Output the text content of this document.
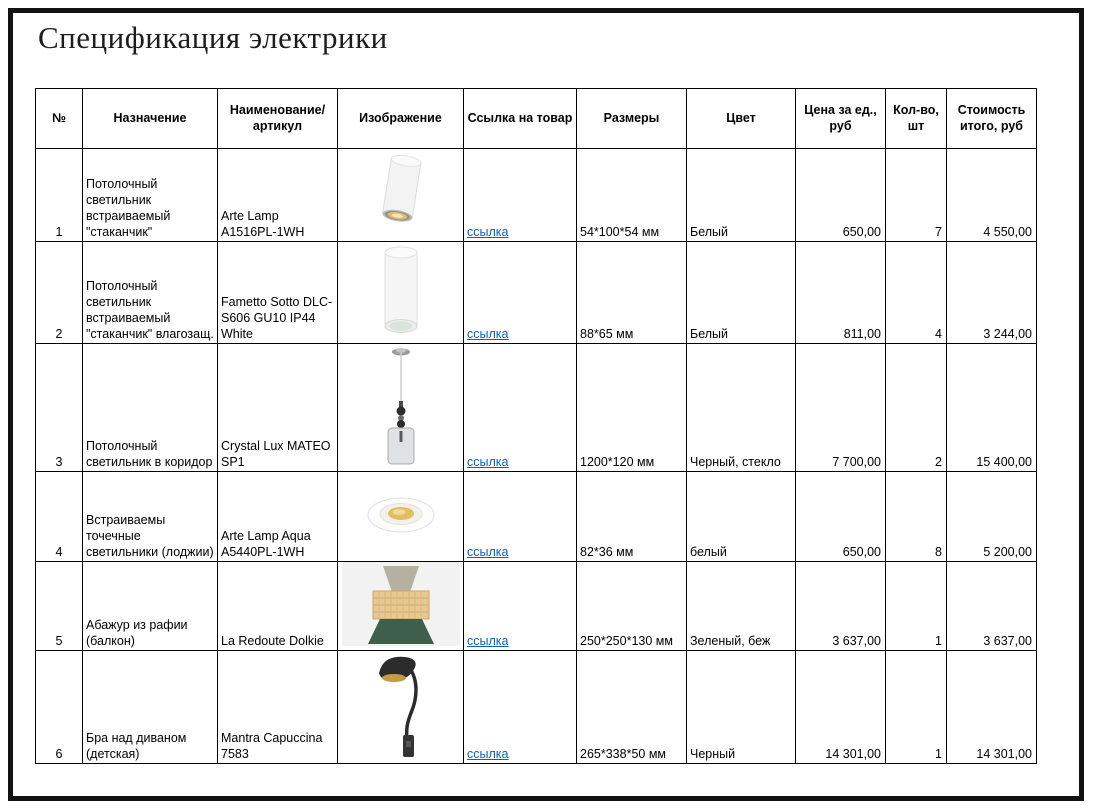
Спецификация электрики
№	Назначение	Наименование/артикул	Изображение	Ссылка на товар	Размеры	Цвет	Цена за ед., руб	Кол-во, шт	Стоимость итого, руб
1	Потолочный светильник встраиваемый "стаканчик"	Arte Lamp A1516PL-1WH		ссылка	54*100*54 мм	Белый	650,00	7	4 550,00
2	Потолочный светильник встраиваемый "стаканчик" влагозащ.	Fametto Sotto DLC-S606 GU10 IP44 White		ссылка	88*65 мм	Белый	811,00	4	3 244,00
3	Потолочный светильник в коридор	Crystal Lux MATEO SP1		ссылка	1200*120 мм	Черный, стекло	7 700,00	2	15 400,00
4	Встраиваемы точечные светильники (лоджии)	Arte Lamp Aqua A5440PL-1WH		ссылка	82*36 мм	белый	650,00	8	5 200,00
5	Абажур из рафии (балкон)	La Redoute Dolkie		ссылка	250*250*130 мм	Зеленый, беж	3 637,00	1	3 637,00
6	Бра над диваном (детская)	Mantra Capuccina 7583		ссылка	265*338*50 мм	Черный	14 301,00	1	14 301,00
